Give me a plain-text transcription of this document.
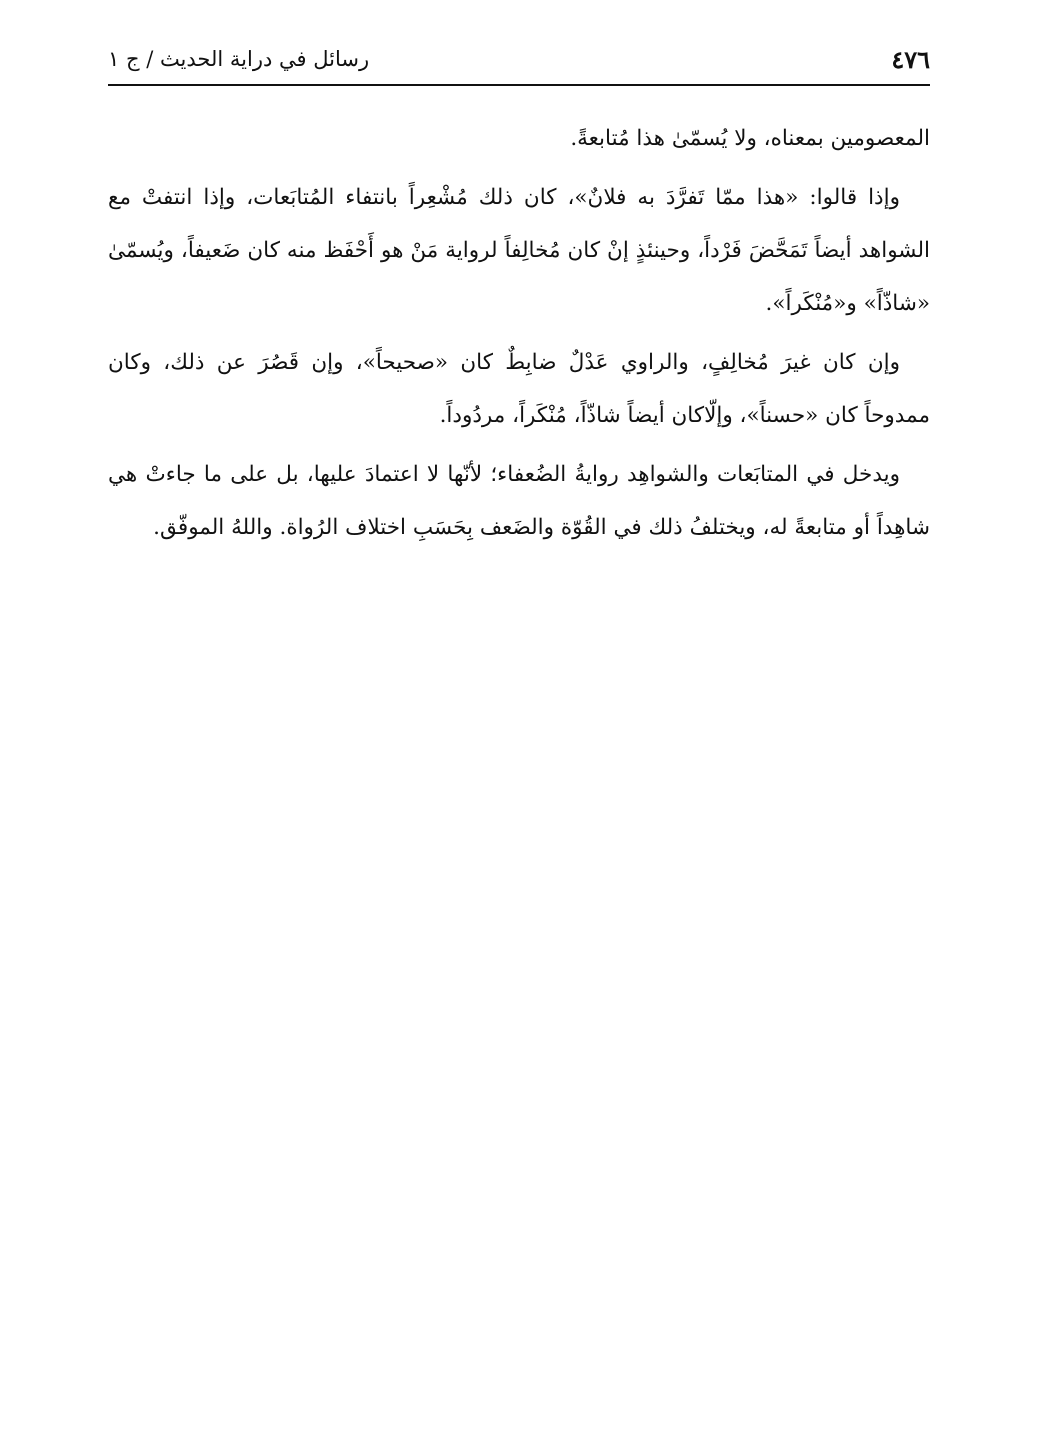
٤٧٦
رسائل في دراية الحديث / ج ١

المعصومين بمعناه، ولا يُسمّىٰ هذا مُتابعةً.

وإذا قالوا: «هذا ممّا تَفرَّدَ به فلانٌ»، كان ذلك مُشْعِراً بانتفاء المُتابَعات، وإذا انتفتْ مع الشواهد أيضاً تَمَحَّضَ فَرْداً، وحينئذٍ إنْ كان مُخالِفاً لرواية مَنْ هو أَحْفَظ منه كان ضَعيفاً، ويُسمّىٰ «شاذّاً» و«مُنْكَراً».

وإن كان غيرَ مُخالِفٍ، والراوي عَدْلٌ ضابِطٌ كان «صحيحاً»، وإن قَصُرَ عن ذلك، وكان ممدوحاً كان «حسناً»، وإلّاكان أيضاً شاذّاً، مُنْكَراً، مردُوداً.

ويدخل في المتابَعات والشواهِد روايةُ الضُعفاء؛ لأنّها لا اعتمادَ عليها، بل على ما جاءتْ هي شاهِداً أو متابعةً له، ويختلفُ ذلك في القُوّة والضَعف بِحَسَبِ اختلاف الرُواة. واللهُ الموفّق.
